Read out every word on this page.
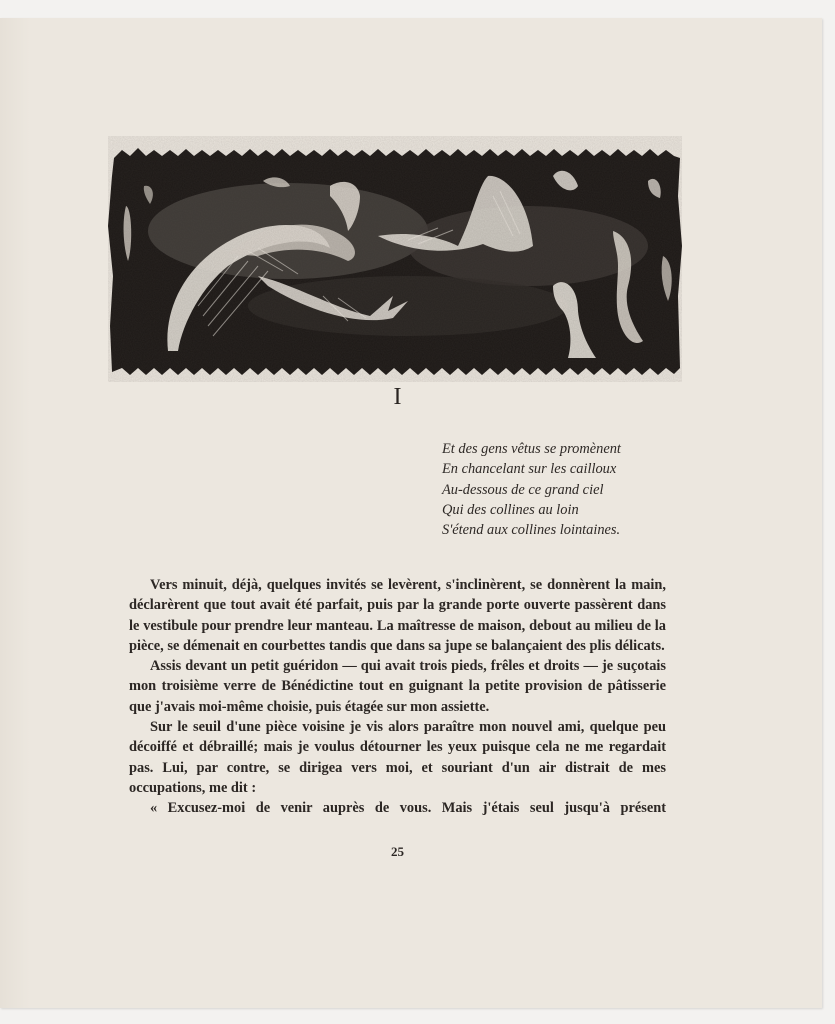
I
Et des gens vêtus se promènent
En chancelant sur les cailloux
Au-dessous de ce grand ciel
Qui des collines au loin
S'étend aux collines lointaines.

Vers minuit, déjà, quelques invités se levèrent, s'inclinèrent, se donnèrent la main, déclarèrent que tout avait été parfait, puis par la grande porte ouverte passèrent dans le vestibule pour prendre leur manteau. La maîtresse de maison, debout au milieu de la pièce, se démenait en courbettes tandis que dans sa jupe se balançaient des plis délicats.

Assis devant un petit guéridon — qui avait trois pieds, frêles et droits — je suçotais mon troisième verre de Bénédictine tout en guignant la petite provision de pâtisserie que j'avais moi-même choisie, puis étagée sur mon assiette.

Sur le seuil d'une pièce voisine je vis alors paraître mon nouvel ami, quelque peu décoiffé et débraillé; mais je voulus détourner les yeux puisque cela ne me regardait pas. Lui, par contre, se dirigea vers moi, et souriant d'un air distrait de mes occupations, me dit :

« Excusez-moi de venir auprès de vous. Mais j'étais seul jusqu'à présent

25
